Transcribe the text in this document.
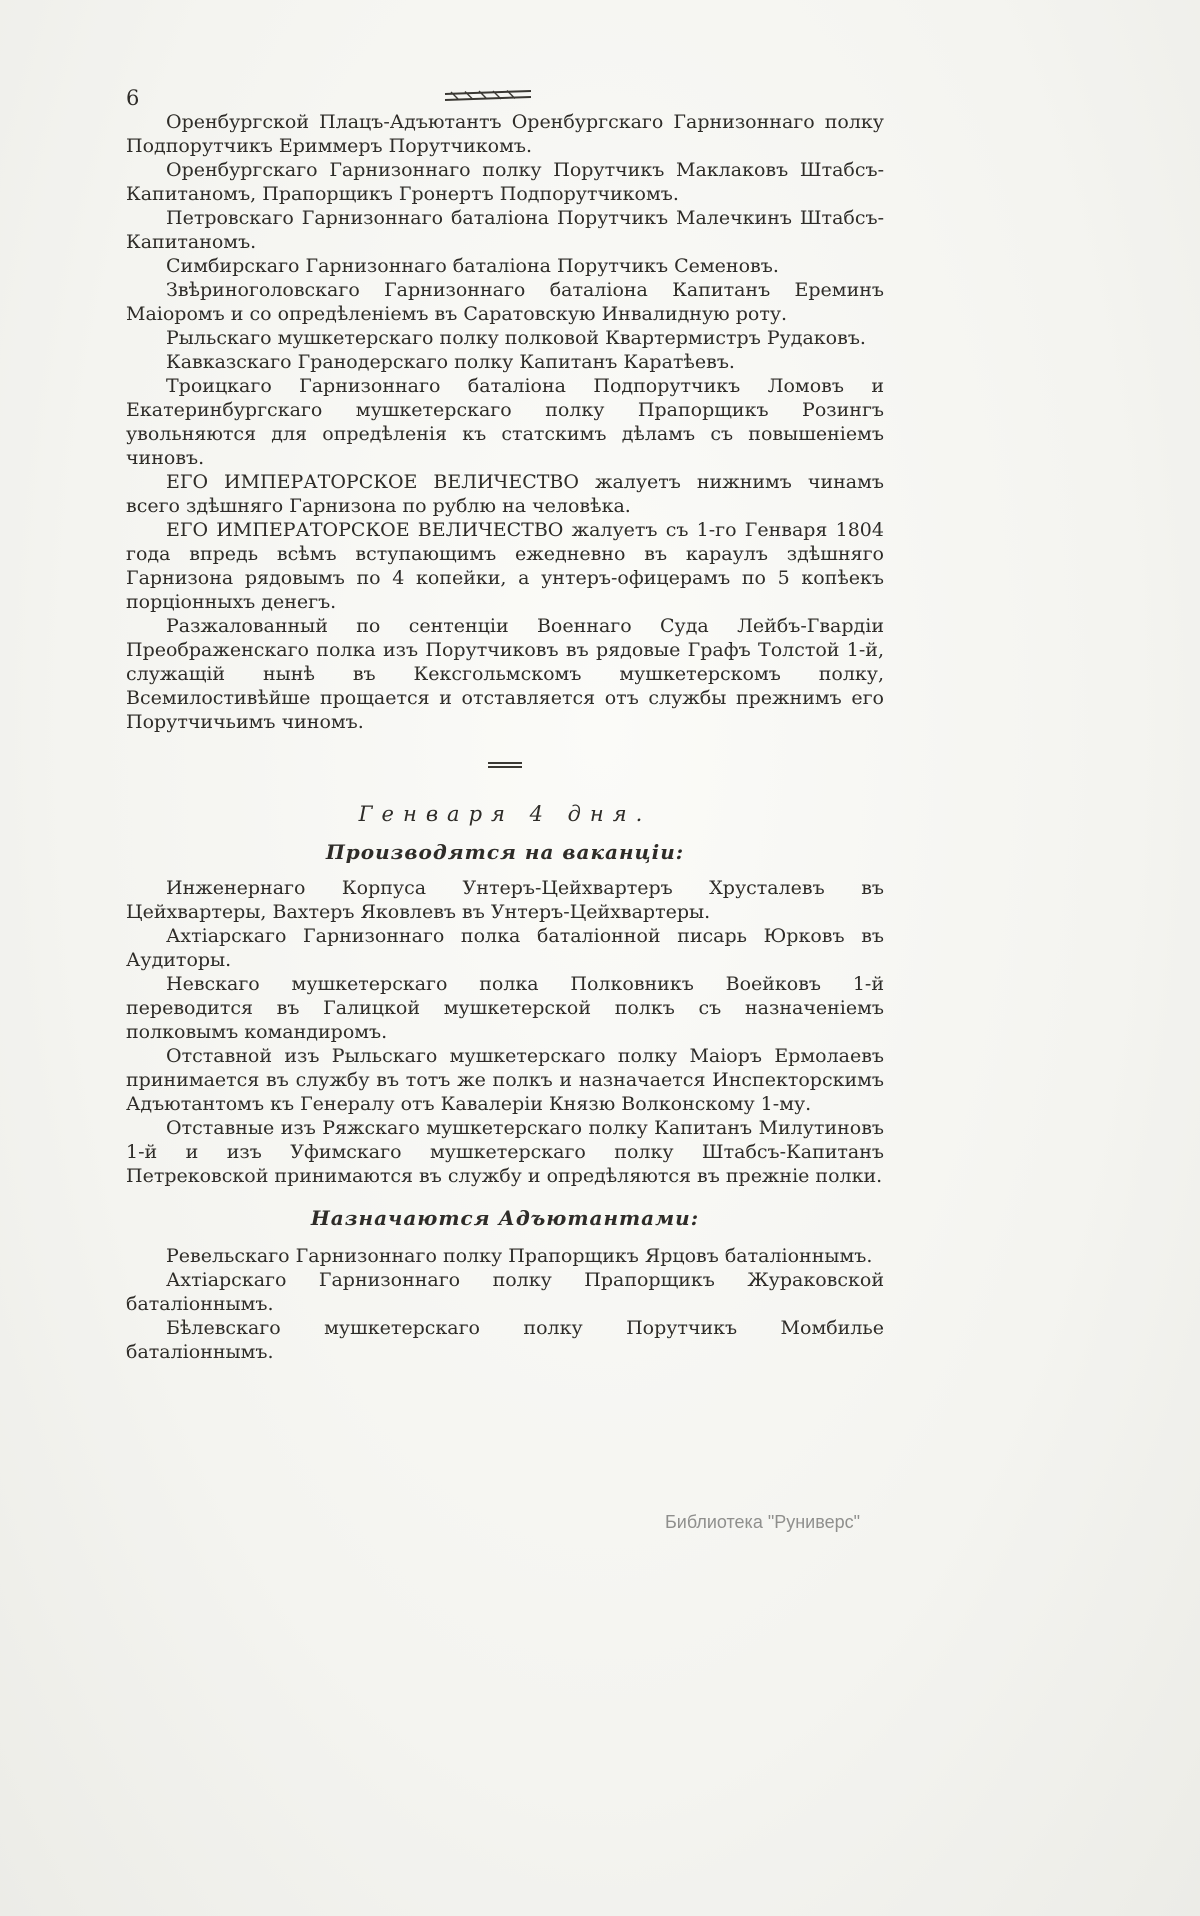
6

Оренбургской Плацъ-Адъютантъ Оренбургскаго Гарнизоннаго полку Подпорутчикъ Ериммеръ Порутчикомъ.

Оренбургскаго Гарнизоннаго полку Порутчикъ Маклаковъ Штабсъ-Капитаномъ, Прапорщикъ Гронертъ Подпорутчикомъ.

Петровскаго Гарнизоннаго баталіона Порутчикъ Малечкинъ Штабсъ-Капитаномъ.

Симбирскаго Гарнизоннаго баталіона Порутчикъ Семеновъ.

Звѣриноголовскаго Гарнизоннаго баталіона Капитанъ Ереминъ Маіоромъ и со опредѣленіемъ въ Саратовскую Инвалидную роту.

Рыльскаго мушкетерскаго полку полковой Квартермистръ Рудаковъ.

Кавказскаго Гранодерскаго полку Капитанъ Каратѣевъ.

Троицкаго Гарнизоннаго баталіона Подпорутчикъ Ломовъ и Екатеринбургскаго мушкетерскаго полку Прапорщикъ Розингъ увольняются для опредѣленія къ статскимъ дѣламъ съ повышеніемъ чиновъ.

ЕГО ИМПЕРАТОРСКОЕ ВЕЛИЧЕСТВО жалуетъ нижнимъ чинамъ всего здѣшняго Гарнизона по рублю на человѣка.

ЕГО ИМПЕРАТОРСКОЕ ВЕЛИЧЕСТВО жалуетъ съ 1-го Генваря 1804 года впредь всѣмъ вступающимъ ежедневно въ караулъ здѣшняго Гарнизона рядовымъ по 4 копейки, а унтеръ-офицерамъ по 5 копѣекъ порціонныхъ денегъ.

Разжалованный по сентенціи Военнаго Суда Лейбъ-Гвардіи Преображенскаго полка изъ Порутчиковъ въ рядовые Графъ Толстой 1-й, служащій нынѣ въ Кексгольмскомъ мушкетерскомъ полку, Всемилостивѣйше прощается и отставляется отъ службы прежнимъ его Порутчичьимъ чиномъ.

Генваря 4 дня.
Производятся на ваканціи:

Инженернаго Корпуса Унтеръ-Цейхвартеръ Хрусталевъ въ Цейхвартеры, Вахтеръ Яковлевъ въ Унтеръ-Цейхвартеры.

Ахтіарскаго Гарнизоннаго полка баталіонной писарь Юрковъ въ Аудиторы.

Невскаго мушкетерскаго полка Полковникъ Воейковъ 1-й переводится въ Галицкой мушкетерской полкъ съ назначеніемъ полковымъ командиромъ.

Отставной изъ Рыльскаго мушкетерскаго полку Маіоръ Ермолаевъ принимается въ службу въ тотъ же полкъ и назначается Инспекторскимъ Адъютантомъ къ Генералу отъ Кавалеріи Князю Волконскому 1-му.

Отставные изъ Ряжскаго мушкетерскаго полку Капитанъ Милутиновъ 1-й и изъ Уфимскаго мушкетерскаго полку Штабсъ-Капитанъ Петрековской принимаются въ службу и опредѣляются въ прежніе полки.

Назначаются Адъютантами:

Ревельскаго Гарнизоннаго полку Прапорщикъ Ярцовъ баталіоннымъ.

Ахтіарскаго Гарнизоннаго полку Прапорщикъ Жураковской баталіоннымъ.

Бѣлевскаго мушкетерскаго полку Порутчикъ Момбилье баталіоннымъ.

Библиотека "Руниверс"
